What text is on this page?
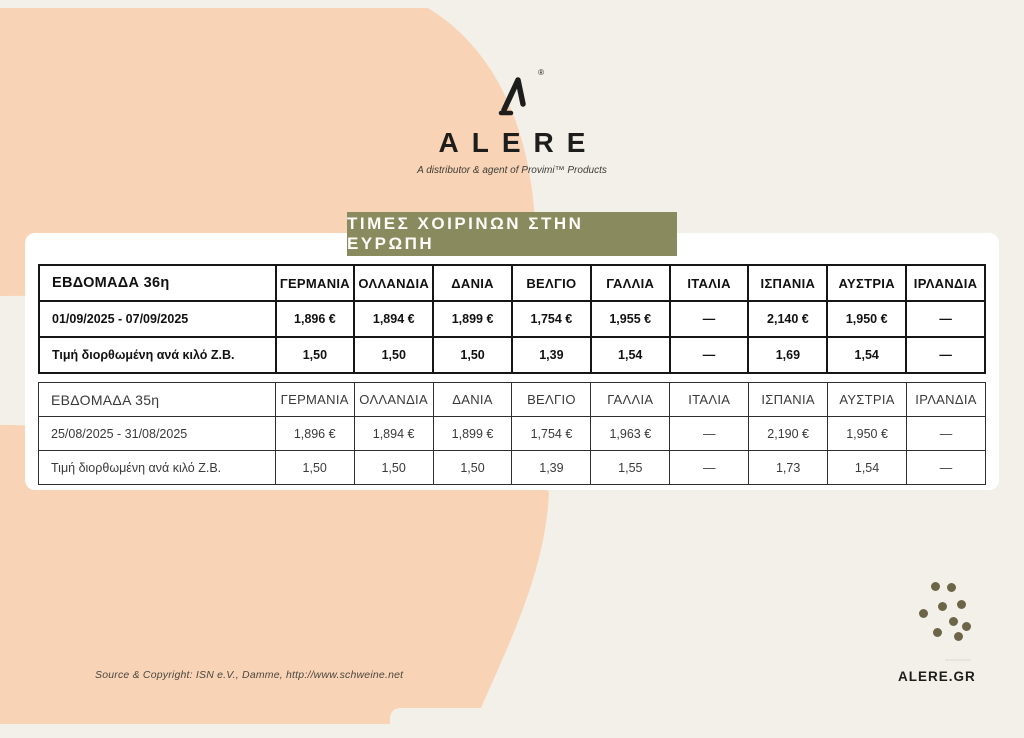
®
ALERE
A distributor & agent of Provimi™ Products
ΤΙΜΕΣ ΧΟΙΡΙΝΩΝ ΣΤΗΝ ΕΥΡΩΠΗ
ΕΒΔΟΜΑΔΑ 36η	ΓΕΡΜΑΝΙΑ	ΟΛΛΑΝΔΙΑ	ΔΑΝΙΑ	ΒΕΛΓΙΟ	ΓΑΛΛΙΑ	ΙΤΑΛΙΑ	ΙΣΠΑΝΙΑ	ΑΥΣΤΡΙΑ	ΙΡΛΑΝΔΙΑ
01/09/2025 - 07/09/2025	1,896 €	1,894 €	1,899 €	1,754 €	1,955 €	—	2,140 €	1,950 €	—
Τιμή διορθωμένη ανά κιλό Ζ.Β.	1,50	1,50	1,50	1,39	1,54	—	1,69	1,54	—
ΕΒΔΟΜΑΔΑ 35η	ΓΕΡΜΑΝΙΑ	ΟΛΛΑΝΔΙΑ	ΔΑΝΙΑ	ΒΕΛΓΙΟ	ΓΑΛΛΙΑ	ΙΤΑΛΙΑ	ΙΣΠΑΝΙΑ	ΑΥΣΤΡΙΑ	ΙΡΛΑΝΔΙΑ
25/08/2025 - 31/08/2025	1,896 €	1,894 €	1,899 €	1,754 €	1,963 €	—	2,190 €	1,950 €	—
Τιμή διορθωμένη ανά κιλό Ζ.Β.	1,50	1,50	1,50	1,39	1,55	—	1,73	1,54	—
Source & Copyright: ISN e.V., Damme, http://www.schweine.net	ALERE.GR
